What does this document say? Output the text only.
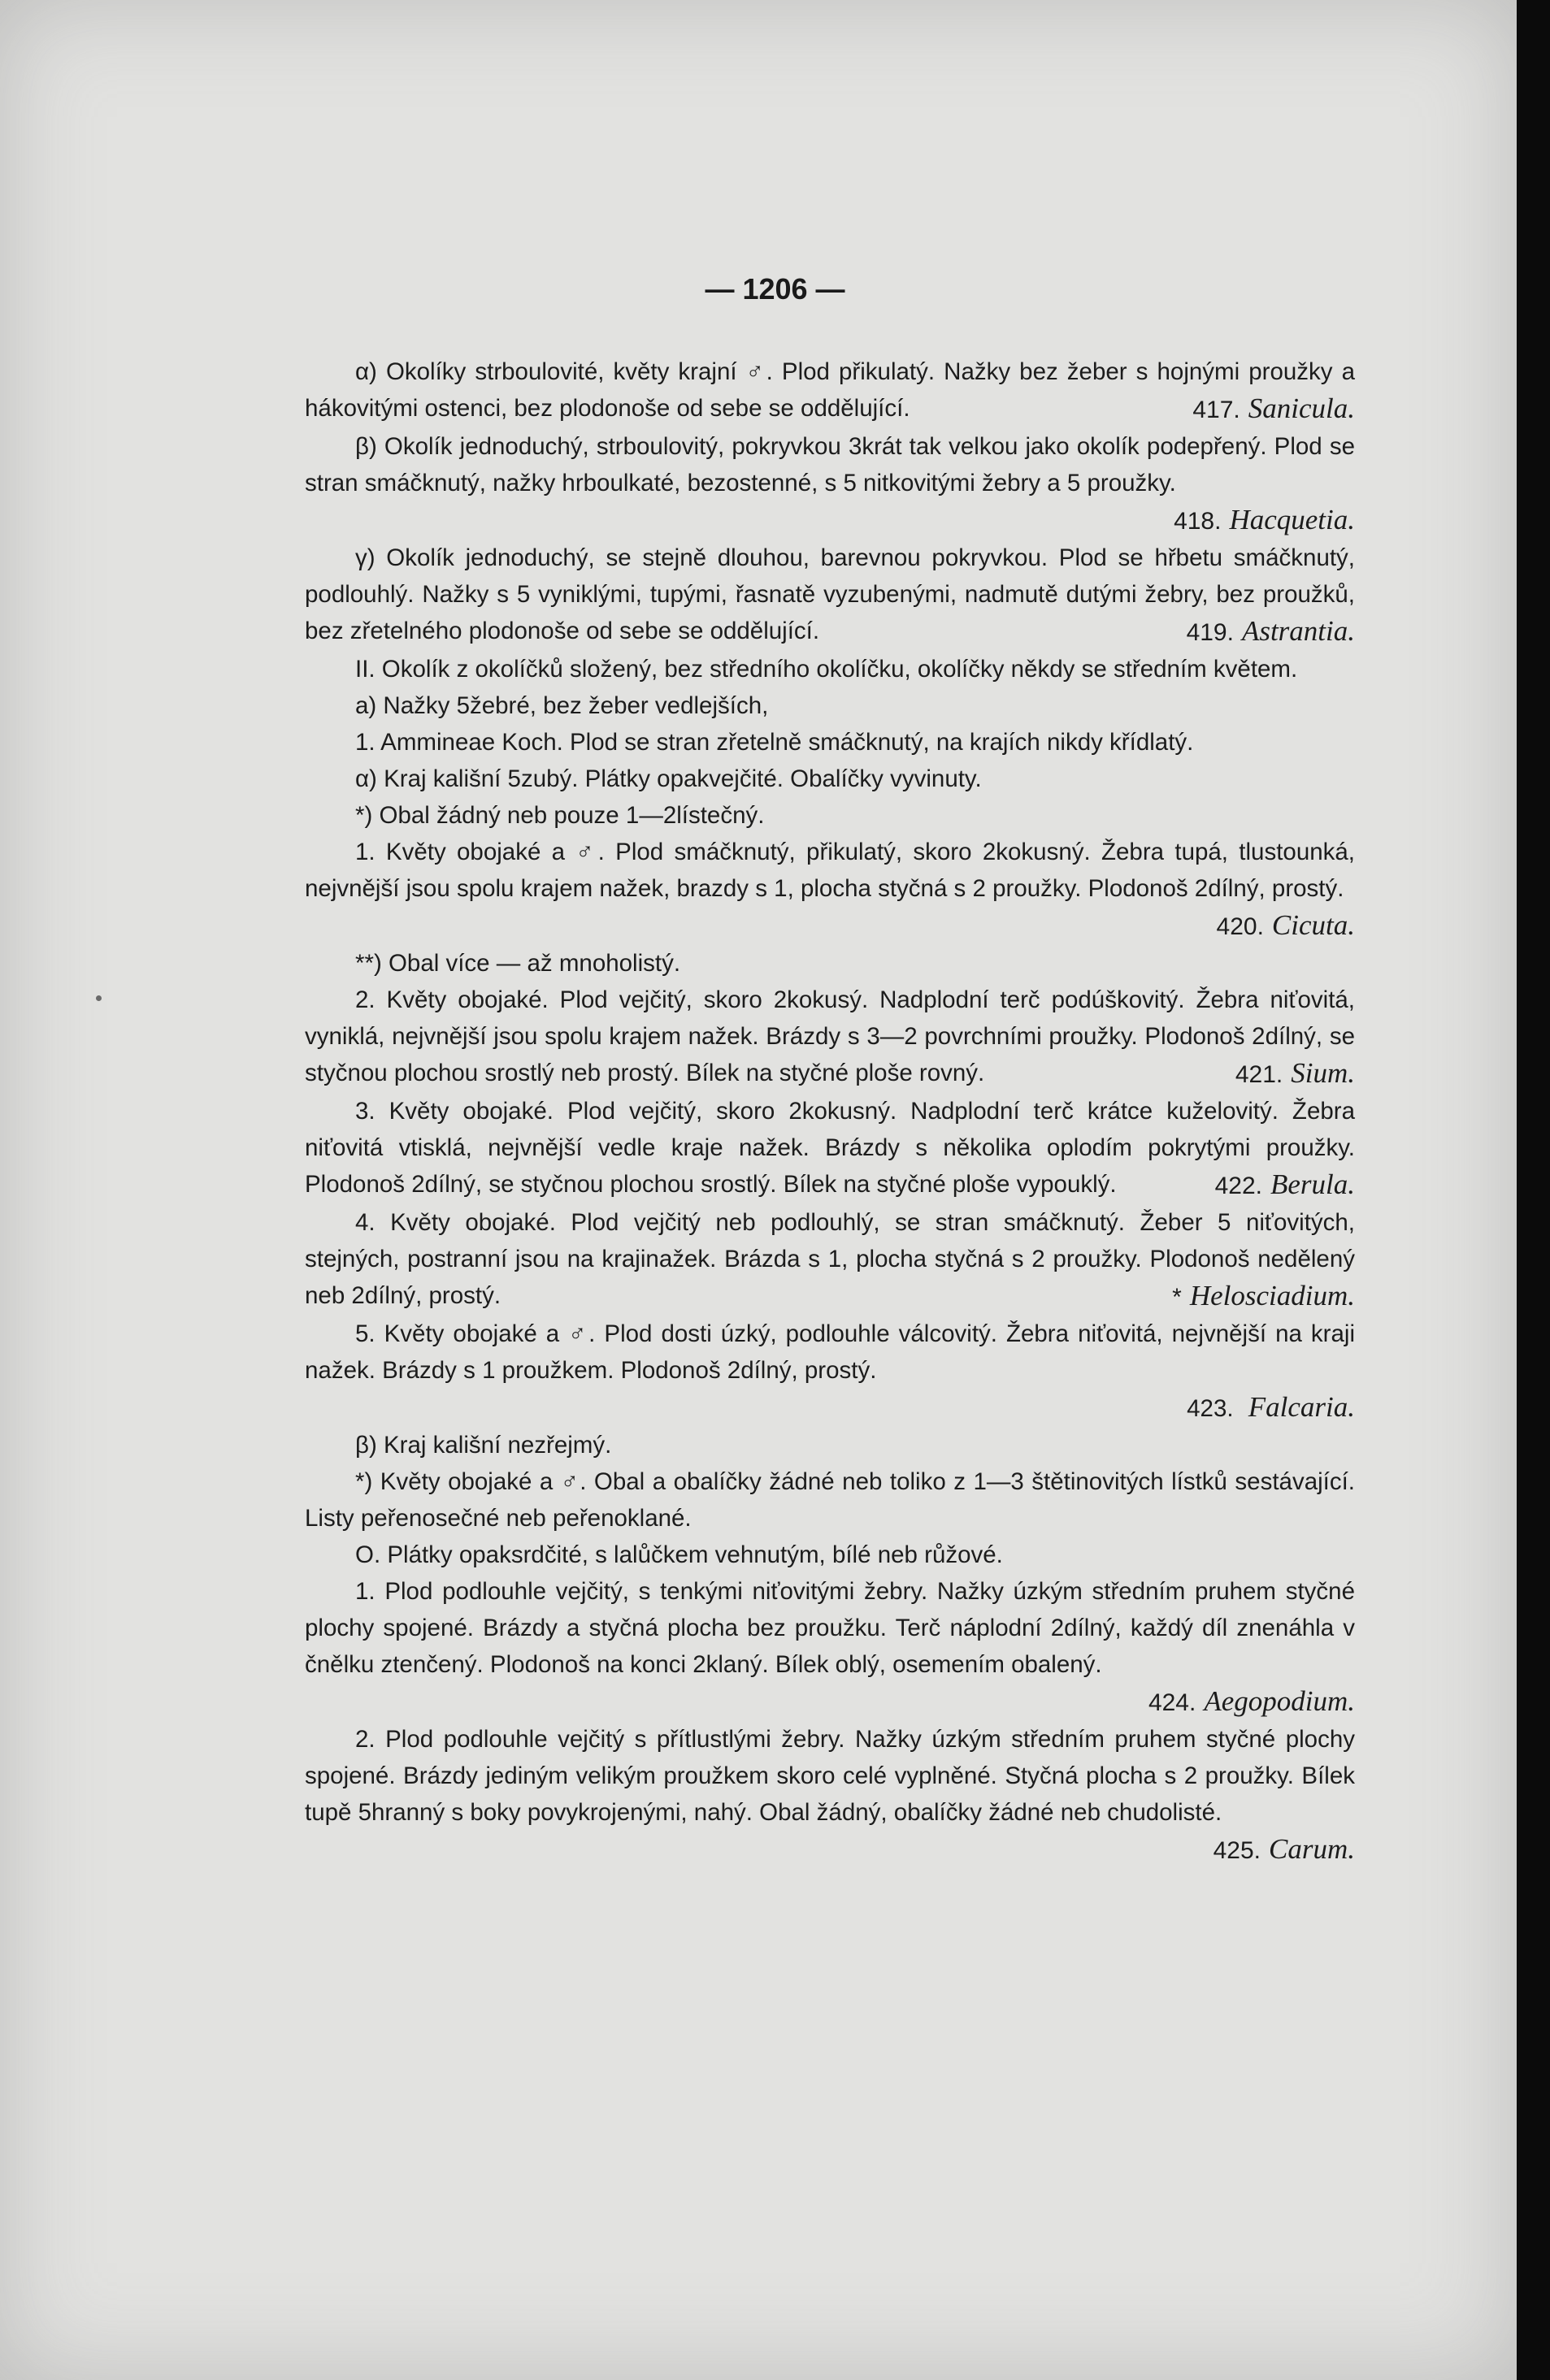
— 1206 —

α) Okolíky strboulovité, květy krajní ♂. Plod přikulatý. Nažky bez žeber s hojnými proužky a hákovitými ostenci, bez plodonoše od sebe se oddělující.	417. Sanicula.

β) Okolík jednoduchý, strboulovitý, pokryvkou 3krát tak velkou jako okolík podepřený. Plod se stran smáčknutý, nažky hrboulkaté, bezostenné, s 5 nitkovitými žebry a 5 proužky.
418. Hacquetia.

γ) Okolík jednoduchý, se stejně dlouhou, barevnou pokryvkou. Plod se hřbetu smáčknutý, podlouhlý. Nažky s 5 vyniklými, tupými, řasnatě vyzubenými, nadmutě dutými žebry, bez proužků, bez zřetelného plodonoše od sebe se oddělující.	419. Astrantia.

II. Okolík z okolíčků složený, bez středního okolíčku, okolíčky někdy se středním květem.

a) Nažky 5žebré, bez žeber vedlejších,

1. Ammineae Koch. Plod se stran zřetelně smáčknutý, na krajích nikdy křídlatý.

α) Kraj kališní 5zubý. Plátky opakvejčité. Obalíčky vyvinuty.

*) Obal žádný neb pouze 1—2lístečný.

1. Květy obojaké a ♂. Plod smáčknutý, přikulatý, skoro 2kokusný. Žebra tupá, tlustounká, nejvnější jsou spolu krajem nažek, brazdy s 1, plocha styčná s 2 proužky. Plodonoš 2dílný, prostý.
420. Cicuta.

**) Obal více — až mnoholistý.

2. Květy obojaké. Plod vejčitý, skoro 2kokusý. Nadplodní terč podúškovitý. Žebra niťovitá, vyniklá, nejvnější jsou spolu krajem nažek. Brázdy s 3—2 povrchními proužky. Plodonoš 2dílný, se styčnou plochou srostlý neb prostý. Bílek na styčné ploše rovný.	421. Sium.

3. Květy obojaké. Plod vejčitý, skoro 2kokusný. Nadplodní terč krátce kuželovitý. Žebra niťovitá vtisklá, nejvnější vedle kraje nažek. Brázdy s několika oplodím pokrytými proužky. Plodonoš 2dílný, se styčnou plochou srostlý. Bílek na styčné ploše vypouklý.	422. Berula.

4. Květy obojaké. Plod vejčitý neb podlouhlý, se stran smáčknutý. Žeber 5 niťovitých, stejných, postranní jsou na krajinažek. Brázda s 1, plocha styčná s 2 proužky. Plodonoš nedělený neb 2dílný, prostý.	* Helosciadium.

5. Květy obojaké a ♂. Plod dosti úzký, podlouhle válcovitý. Žebra niťovitá, nejvnější na kraji nažek. Brázdy s 1 proužkem. Plodonoš 2dílný, prostý.

423. Falcaria.

β) Kraj kališní nezřejmý.

*) Květy obojaké a ♂. Obal a obalíčky žádné neb toliko z 1—3 štětinovitých lístků sestávající. Listy peřenosečné neb peřenoklané.

O. Plátky opaksrdčité, s lalůčkem vehnutým, bílé neb růžové.

1. Plod podlouhle vejčitý, s tenkými niťovitými žebry. Nažky úzkým středním pruhem styčné plochy spojené. Brázdy a styčná plocha bez proužku. Terč náplodní 2dílný, každý díl znenáhla v čnělku ztenčený. Plodonoš na konci 2klaný. Bílek oblý, osemením obalený.
424. Aegopodium.

2. Plod podlouhle vejčitý s přítlustlými žebry. Nažky úzkým středním pruhem styčné plochy spojené. Brázdy jediným velikým proužkem skoro celé vyplněné. Styčná plocha s 2 proužky. Bílek tupě 5hranný s boky povykrojenými, nahý. Obal žádný, obalíčky žádné neb chudolisté.
425. Carum.
